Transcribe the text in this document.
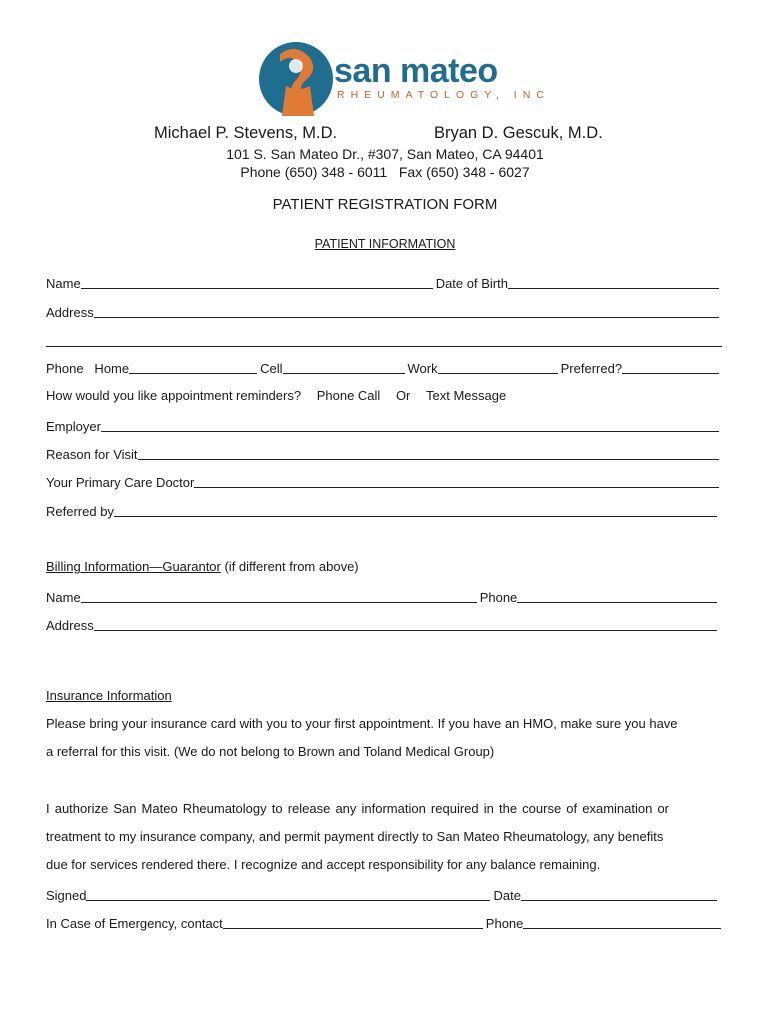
san mateo
RHEUMATOLOGY, INC
Michael P. Stevens, M.D.	Bryan D. Gescuk, M.D.
101 S. San Mateo Dr., #307, San Mateo, CA 94401
Phone (650) 348 - 6011   Fax (650) 348 - 6027
PATIENT REGISTRATION FORM
PATIENT INFORMATION
Name	Date of Birth
Address
Phone   Home	Cell	Work	Preferred?
How would you like appointment reminders? Phone Call Or Text Message
Employer
Reason for Visit
Your Primary Care Doctor
Referred by
Billing Information—Guarantor (if different from above)
Name	Phone
Address
Insurance Information
Please bring your insurance card with you to your first appointment. If you have an HMO, make sure you have
a referral for this visit. (We do not belong to Brown and Toland Medical Group)
I authorize San Mateo Rheumatology to release any information required in the course of examination or
treatment to my insurance company, and permit payment directly to San Mateo Rheumatology, any benefits
due for services rendered there. I recognize and accept responsibility for any balance remaining.
Signed	Date
In Case of Emergency, contact	Phone
